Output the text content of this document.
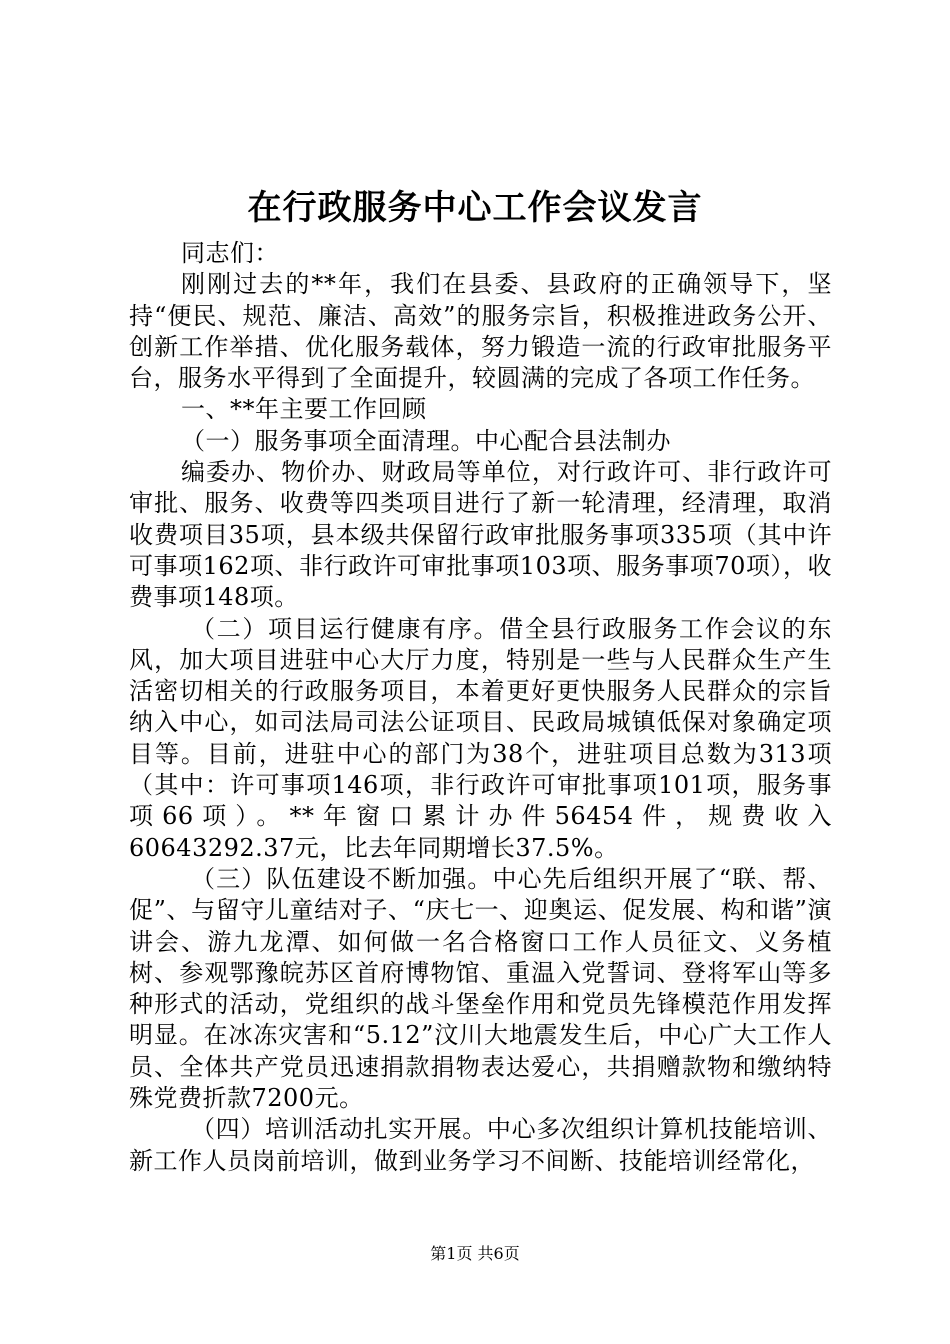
在行政服务中心工作会议发言

同志们：

刚刚过去的**年，我们在县委、县政府的正确领导下，坚持“便民、规范、廉洁、高效”的服务宗旨，积极推进政务公开、创新工作举措、优化服务载体，努力锻造一流的行政审批服务平台，服务水平得到了全面提升，较圆满的完成了各项工作任务。

一、**年主要工作回顾

（一）服务事项全面清理。中心配合县法制办

编委办、物价办、财政局等单位，对行政许可、非行政许可审批、服务、收费等四类项目进行了新一轮清理，经清理，取消收费项目35项，县本级共保留行政审批服务事项335项（其中许可事项162项、非行政许可审批事项103项、服务事项70项），收费事项148项。

（二）项目运行健康有序。借全县行政服务工作会议的东风，加大项目进驻中心大厅力度，特别是一些与人民群众生产生活密切相关的行政服务项目，本着更好更快服务人民群众的宗旨纳入中心，如司法局司法公证项目、民政局城镇低保对象确定项目等。目前，进驻中心的部门为38个，进驻项目总数为313项（其中：许可事项146项，非行政许可审批事项101项，服务事项66项）。**年窗口累计办件56454件，规费收入60643292.37元，比去年同期增长37.5%。

（三）队伍建设不断加强。中心先后组织开展了“联、帮、促”、与留守儿童结对子、“庆七一、迎奥运、促发展、构和谐”演讲会、游九龙潭、如何做一名合格窗口工作人员征文、义务植树、参观鄂豫皖苏区首府博物馆、重温入党誓词、登将军山等多种形式的活动，党组织的战斗堡垒作用和党员先锋模范作用发挥明显。在冰冻灾害和“5.12”汶川大地震发生后，中心广大工作人员、全体共产党员迅速捐款捐物表达爱心，共捐赠款物和缴纳特殊党费折款7200元。

（四）培训活动扎实开展。中心多次组织计算机技能培训、新工作人员岗前培训，做到业务学习不间断、技能培训经常化，

第1页 共6页
